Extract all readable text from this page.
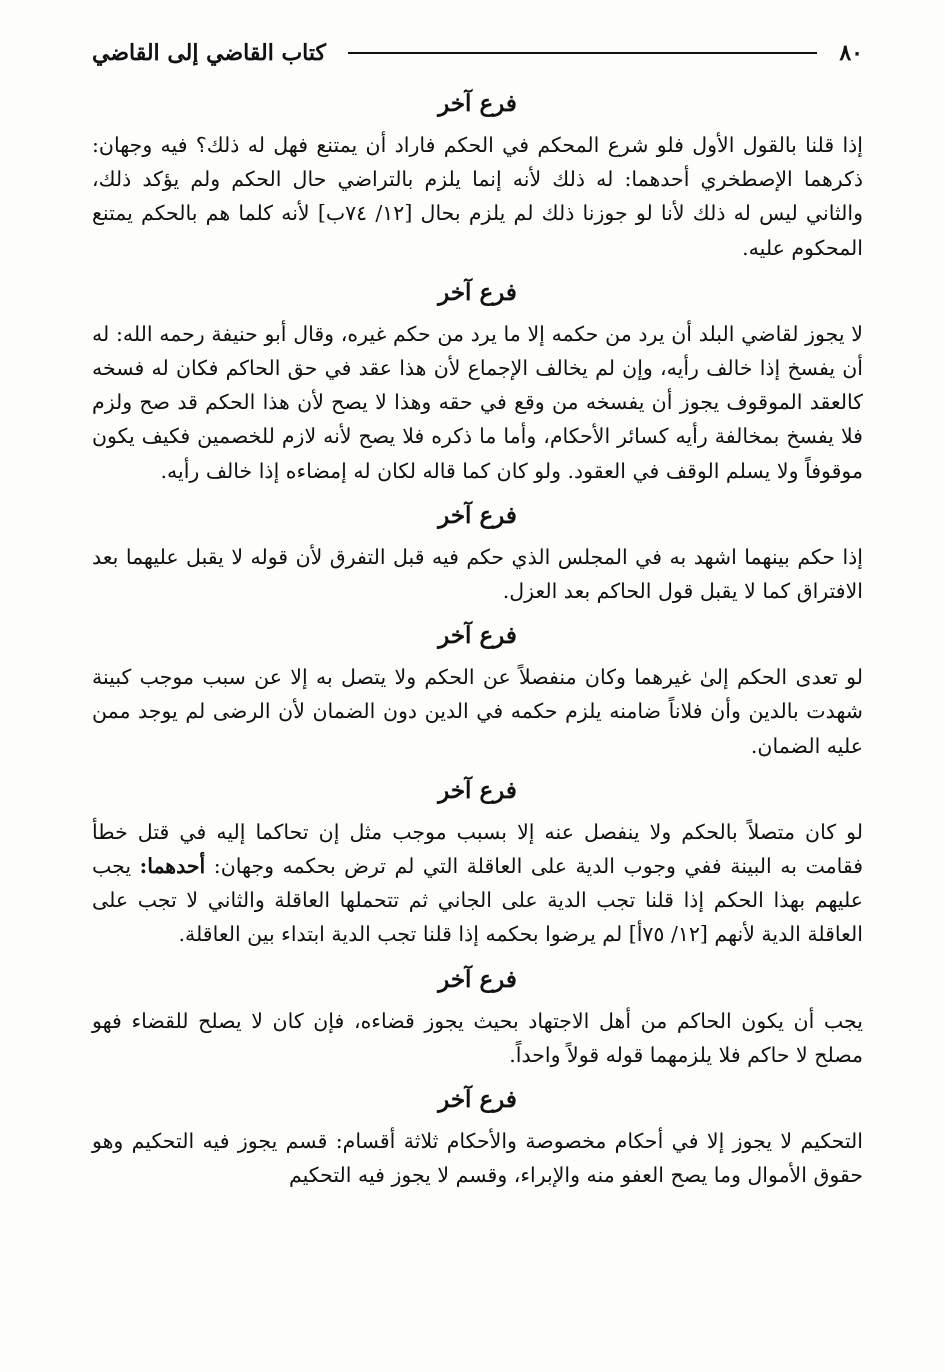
٨٠
كتاب القاضي إلى القاضي
فرع آخر

إذا قلنا بالقول الأول فلو شرع المحكم في الحكم فاراد أن يمتنع فهل له ذلك؟ فيه وجهان: ذكرهما الإصطخري أحدهما: له ذلك لأنه إنما يلزم بالتراضي حال الحكم ولم يؤكد ذلك، والثاني ليس له ذلك لأنا لو جوزنا ذلك لم يلزم بحال [١٢/ ٧٤ب] لأنه كلما هم بالحكم يمتنع المحكوم عليه.

فرع آخر

لا يجوز لقاضي البلد أن يرد من حكمه إلا ما يرد من حكم غيره، وقال أبو حنيفة رحمه الله: له أن يفسخ إذا خالف رأيه، وإن لم يخالف الإجماع لأن هذا عقد في حق الحاكم فكان له فسخه كالعقد الموقوف يجوز أن يفسخه من وقع في حقه وهذا لا يصح لأن هذا الحكم قد صح ولزم فلا يفسخ بمخالفة رأيه كسائر الأحكام، وأما ما ذكره فلا يصح لأنه لازم للخصمين فكيف يكون موقوفاً ولا يسلم الوقف في العقود. ولو كان كما قاله لكان له إمضاءه إذا خالف رأيه.

فرع آخر

إذا حكم بينهما اشهد به في المجلس الذي حكم فيه قبل التفرق لأن قوله لا يقبل عليهما بعد الافتراق كما لا يقبل قول الحاكم بعد العزل.

فرع آخر

لو تعدى الحكم إلىٰ غيرهما وكان منفصلاً عن الحكم ولا يتصل به إلا عن سبب موجب كبينة شهدت بالدين وأن فلاناً ضامنه يلزم حكمه في الدين دون الضمان لأن الرضى لم يوجد ممن عليه الضمان.

فرع آخر

لو كان متصلاً بالحكم ولا ينفصل عنه إلا بسبب موجب مثل إن تحاكما إليه في قتل خطأ فقامت به البينة ففي وجوب الدية على العاقلة التي لم ترض بحكمه وجهان: أحدهما: يجب عليهم بهذا الحكم إذا قلنا تجب الدية على الجاني ثم تتحملها العاقلة والثاني لا تجب على العاقلة الدية لأنهم [١٢/ ٧٥أ] لم يرضوا بحكمه إذا قلنا تجب الدية ابتداء بين العاقلة.

فرع آخر

يجب أن يكون الحاكم من أهل الاجتهاد بحيث يجوز قضاءه، فإن كان لا يصلح للقضاء فهو مصلح لا حاكم فلا يلزمهما قوله قولاً واحداً.

فرع آخر

التحكيم لا يجوز إلا في أحكام مخصوصة والأحكام ثلاثة أقسام: قسم يجوز فيه التحكيم وهو حقوق الأموال وما يصح العفو منه والإبراء، وقسم لا يجوز فيه التحكيم
